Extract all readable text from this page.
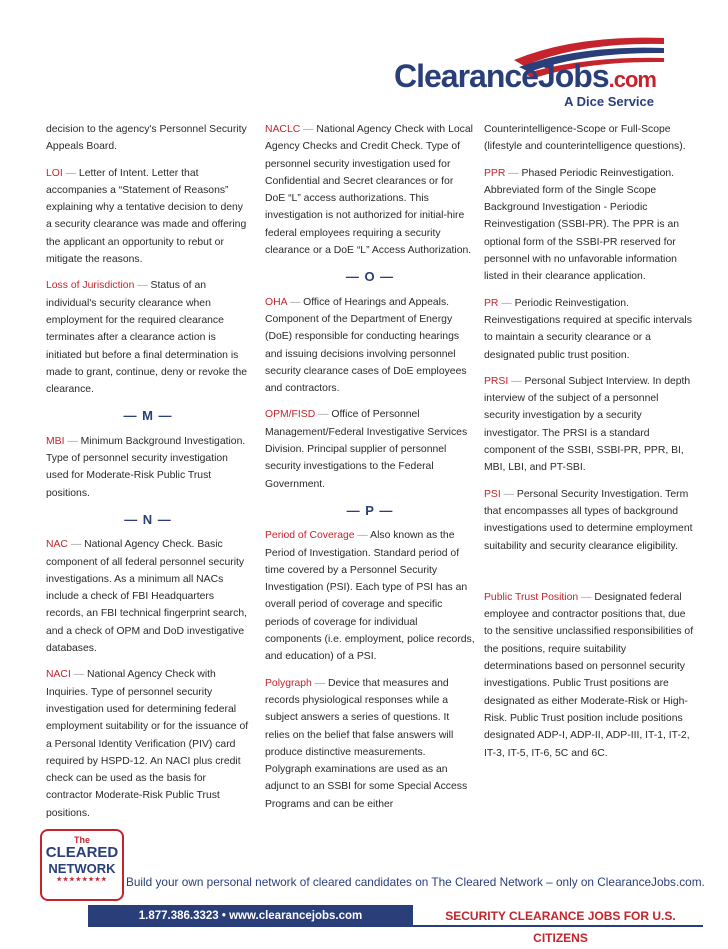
ClearanceJobs.com
A Dice Service

decision to the agency's Personnel Security Appeals Board.

LOI — Letter of Intent. Letter that accompanies a “Statement of Reasons” explaining why a tentative decision to deny a security clearance was made and offering the applicant an opportunity to rebut or mitigate the reasons.

Loss of Jurisdiction — Status of an individual's security clearance when employment for the required clearance terminates after a clearance action is initiated but before a final determination is made to grant, continue, deny or revoke the clearance.

— M —

MBI — Minimum Background Investigation. Type of personnel security investigation used for Moderate-Risk Public Trust positions.

— N —

NAC — National Agency Check. Basic component of all federal personnel security investigations. As a minimum all NACs include a check of FBI Headquarters records, an FBI technical fingerprint search, and a check of OPM and DoD investigative databases.

NACI — National Agency Check with Inquiries. Type of personnel security investigation used for determining federal employment suitability or for the issuance of a Personal Identity Verification (PIV) card required by HSPD-12. An NACI plus credit check can be used as the basis for contractor Moderate-Risk Public Trust positions.

NACLC — National Agency Check with Local Agency Checks and Credit Check. Type of personnel security investigation used for Confidential and Secret clearances or for DoE “L” access authorizations. This investigation is not authorized for initial-hire federal employees requiring a security clearance or a DoE “L” Access Authorization.

— O —

OHA — Office of Hearings and Appeals. Component of the Department of Energy (DoE) responsible for conducting hearings and issuing decisions involving personnel security clearance cases of DoE employees and contractors.

OPM/FISD — Office of Personnel Management/Federal Investigative Services Division. Principal supplier of personnel security investigations to the Federal Government.

— P —

Period of Coverage — Also known as the Period of Investigation. Standard period of time covered by a Personnel Security Investigation (PSI). Each type of PSI has an overall period of coverage and specific periods of coverage for individual components (i.e. employment, police records, and education) of a PSI.

Polygraph — Device that measures and records physiological responses while a subject answers a series of questions. It relies on the belief that false answers will produce distinctive measurements. Polygraph examinations are used as an adjunct to an SSBI for some Special Access Programs and can be either

Counterintelligence-Scope or Full-Scope (lifestyle and counterintelligence questions).

PPR — Phased Periodic Reinvestigation. Abbreviated form of the Single Scope Background Investigation - Periodic Reinvestigation (SSBI-PR). The PPR is an optional form of the SSBI-PR reserved for personnel with no unfavorable information listed in their clearance application.

PR — Periodic Reinvestigation. Reinvestigations required at specific intervals to maintain a security clearance or a designated public trust position.

PRSI — Personal Subject Interview. In depth interview of the subject of a personnel security investigation by a security investigator. The PRSI is a standard component of the SSBI, SSBI-PR, PPR, BI, MBI, LBI, and PT-SBI.

PSI — Personal Security Investigation. Term that encompasses all types of background investigations used to determine employment suitability and security clearance eligibility.

Public Trust Position — Designated federal employee and contractor positions that, due to the sensitive unclassified responsibilities of the positions, require suitability determinations based on personnel security investigations. Public Trust positions are designated as either Moderate-Risk or High-Risk. Public Trust position include positions designated ADP-I, ADP-II, ADP-III, IT-1, IT-2, IT-3, IT-5, IT-6, 5C and 6C.

The
CLEARED
NETWORK
★★★★★★★★	Build your own personal network of cleared candidates on The Cleared Network – only on ClearanceJobs.com.
1.877.386.3323 • www.clearancejobs.com	SECURITY CLEARANCE JOBS FOR U.S. CITIZENS
